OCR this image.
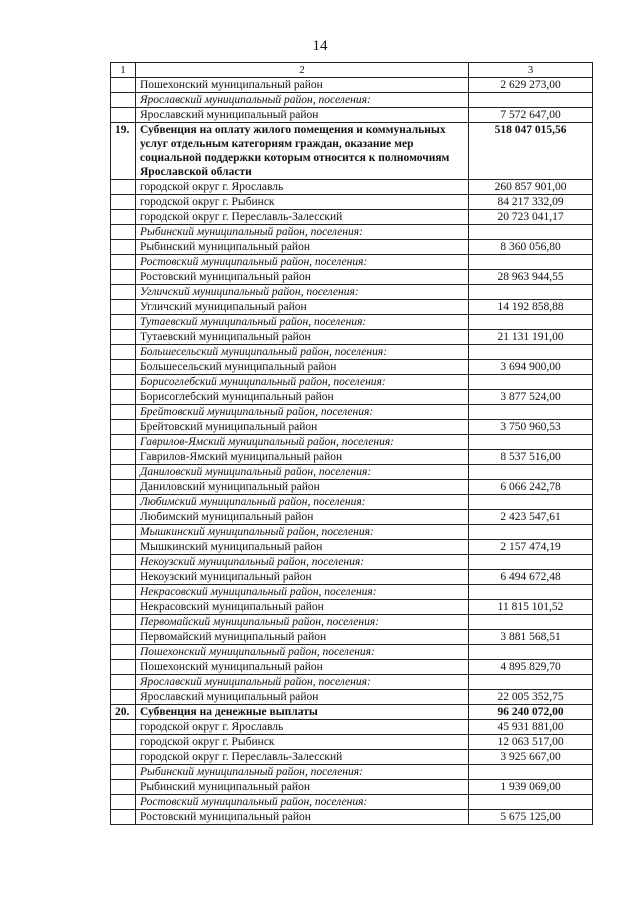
14
1	2	3
	Пошехонский муниципальный район	2 629 273,00
	Ярославский муниципальный район, поселения:	
	Ярославский муниципальный район	7 572 647,00
19.	Субвенция на оплату жилого помещения и коммунальных услуг отдельным категориям граждан, оказание мер социальной поддержки которым относится к полномочиям Ярославской области	518 047 015,56
	городской округ г. Ярославль	260 857 901,00
	городской округ г. Рыбинск	84 217 332,09
	городской округ г. Переславль-Залесский	20 723 041,17
	Рыбинский муниципальный район, поселения:	
	Рыбинский муниципальный район	8 360 056,80
	Ростовский муниципальный район, поселения:	
	Ростовский муниципальный район	28 963 944,55
	Угличский муниципальный район, поселения:	
	Угличский муниципальный район	14 192 858,88
	Тутаевский муниципальный район, поселения:	
	Тутаевский муниципальный район	21 131 191,00
	Большесельский муниципальный район, поселения:	
	Большесельский муниципальный район	3 694 900,00
	Борисоглебский муниципальный район, поселения:	
	Борисоглебский муниципальный район	3 877 524,00
	Брейтовский муниципальный район, поселения:	
	Брейтовский муниципальный район	3 750 960,53
	Гаврилов-Ямский муниципальный район, поселения:	
	Гаврилов-Ямский муниципальный район	8 537 516,00
	Даниловский муниципальный район, поселения:	
	Даниловский муниципальный район	6 066 242,78
	Любимский муниципальный район, поселения:	
	Любимский муниципальный район	2 423 547,61
	Мышкинский муниципальный район, поселения:	
	Мышкинский муниципальный район	2 157 474,19
	Некоузский муниципальный район, поселения:	
	Некоузский муниципальный район	6 494 672,48
	Некрасовский муниципальный район, поселения:	
	Некрасовский муниципальный район	11 815 101,52
	Первомайский муниципальный район, поселения:	
	Первомайский муниципальный район	3 881 568,51
	Пошехонский муниципальный район, поселения:	
	Пошехонский муниципальный район	4 895 829,70
	Ярославский муниципальный район, поселения:	
	Ярославский муниципальный район	22 005 352,75
20.	Субвенция на денежные выплаты	96 240 072,00
	городской округ г. Ярославль	45 931 881,00
	городской округ г. Рыбинск	12 063 517,00
	городской округ г. Переславль-Залесский	3 925 667,00
	Рыбинский муниципальный район, поселения:	
	Рыбинский муниципальный район	1 939 069,00
	Ростовский муниципальный район, поселения:	
	Ростовский муниципальный район	5 675 125,00
